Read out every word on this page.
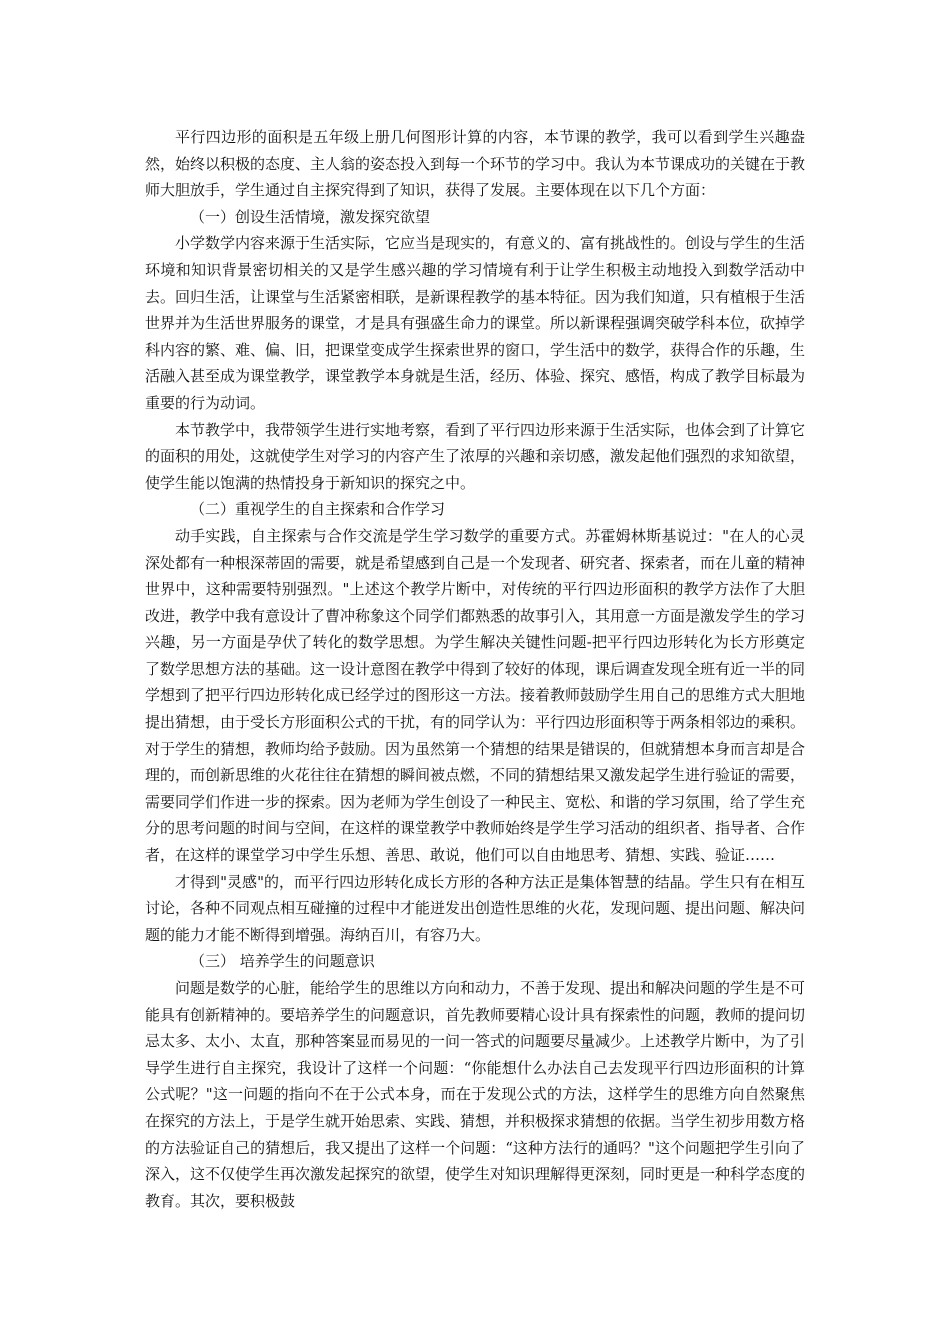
平行四边形的面积是五年级上册几何图形计算的内容，本节课的教学，我可以看到学生兴趣盎然，始终以积极的态度、主人翁的姿态投入到每一个环节的学习中。我认为本节课成功的关键在于教师大胆放手，学生通过自主探究得到了知识，获得了发展。主要体现在以下几个方面：

（一）创设生活情境，激发探究欲望

小学数学内容来源于生活实际，它应当是现实的，有意义的、富有挑战性的。创设与学生的生活环境和知识背景密切相关的又是学生感兴趣的学习情境有利于让学生积极主动地投入到数学活动中去。回归生活，让课堂与生活紧密相联，是新课程教学的基本特征。因为我们知道，只有植根于生活世界并为生活世界服务的课堂，才是具有强盛生命力的课堂。所以新课程强调突破学科本位，砍掉学科内容的繁、难、偏、旧，把课堂变成学生探索世界的窗口，学生活中的数学，获得合作的乐趣，生活融入甚至成为课堂教学，课堂教学本身就是生活，经历、体验、探究、感悟，构成了教学目标最为重要的行为动词。

本节教学中，我带领学生进行实地考察，看到了平行四边形来源于生活实际，也体会到了计算它的面积的用处，这就使学生对学习的内容产生了浓厚的兴趣和亲切感，激发起他们强烈的求知欲望，使学生能以饱满的热情投身于新知识的探究之中。

（二）重视学生的自主探索和合作学习

动手实践，自主探索与合作交流是学生学习数学的重要方式。苏霍姆林斯基说过："在人的心灵深处都有一种根深蒂固的需要，就是希望感到自己是一个发现者、研究者、探索者，而在儿童的精神世界中，这种需要特别强烈。"上述这个教学片断中，对传统的平行四边形面积的教学方法作了大胆改进，教学中我有意设计了曹冲称象这个同学们都熟悉的故事引入，其用意一方面是激发学生的学习兴趣，另一方面是孕伏了转化的数学思想。为学生解决关键性问题-把平行四边形转化为长方形奠定了数学思想方法的基础。这一设计意图在教学中得到了较好的体现，课后调查发现全班有近一半的同学想到了把平行四边形转化成已经学过的图形这一方法。接着教师鼓励学生用自己的思维方式大胆地提出猜想，由于受长方形面积公式的干扰，有的同学认为：平行四边形面积等于两条相邻边的乘积。对于学生的猜想，教师均给予鼓励。因为虽然第一个猜想的结果是错误的，但就猜想本身而言却是合理的，而创新思维的火花往往在猜想的瞬间被点燃，不同的猜想结果又激发起学生进行验证的需要，需要同学们作进一步的探索。因为老师为学生创设了一种民主、宽松、和谐的学习氛围，给了学生充分的思考问题的时间与空间，在这样的课堂教学中教师始终是学生学习活动的组织者、指导者、合作者，在这样的课堂学习中学生乐想、善思、敢说，他们可以自由地思考、猜想、实践、验证……

才得到"灵感"的，而平行四边形转化成长方形的各种方法正是集体智慧的结晶。学生只有在相互讨论，各种不同观点相互碰撞的过程中才能迸发出创造性思维的火花，发现问题、提出问题、解决问题的能力才能不断得到增强。海纳百川，有容乃大。

（三） 培养学生的问题意识

问题是数学的心脏，能给学生的思维以方向和动力，不善于发现、提出和解决问题的学生是不可能具有创新精神的。要培养学生的问题意识，首先教师要精心设计具有探索性的问题，教师的提问切忌太多、太小、太直，那种答案显而易见的一问一答式的问题要尽量减少。上述教学片断中，为了引导学生进行自主探究，我设计了这样一个问题：“你能想什么办法自己去发现平行四边形面积的计算公式呢？"这一问题的指向不在于公式本身，而在于发现公式的方法，这样学生的思维方向自然聚焦在探究的方法上，于是学生就开始思索、实践、猜想，并积极探求猜想的依据。当学生初步用数方格的方法验证自己的猜想后，我又提出了这样一个问题：“这种方法行的通吗？"这个问题把学生引向了深入，这不仅使学生再次激发起探究的欲望，使学生对知识理解得更深刻，同时更是一种科学态度的教育。其次，要积极鼓
